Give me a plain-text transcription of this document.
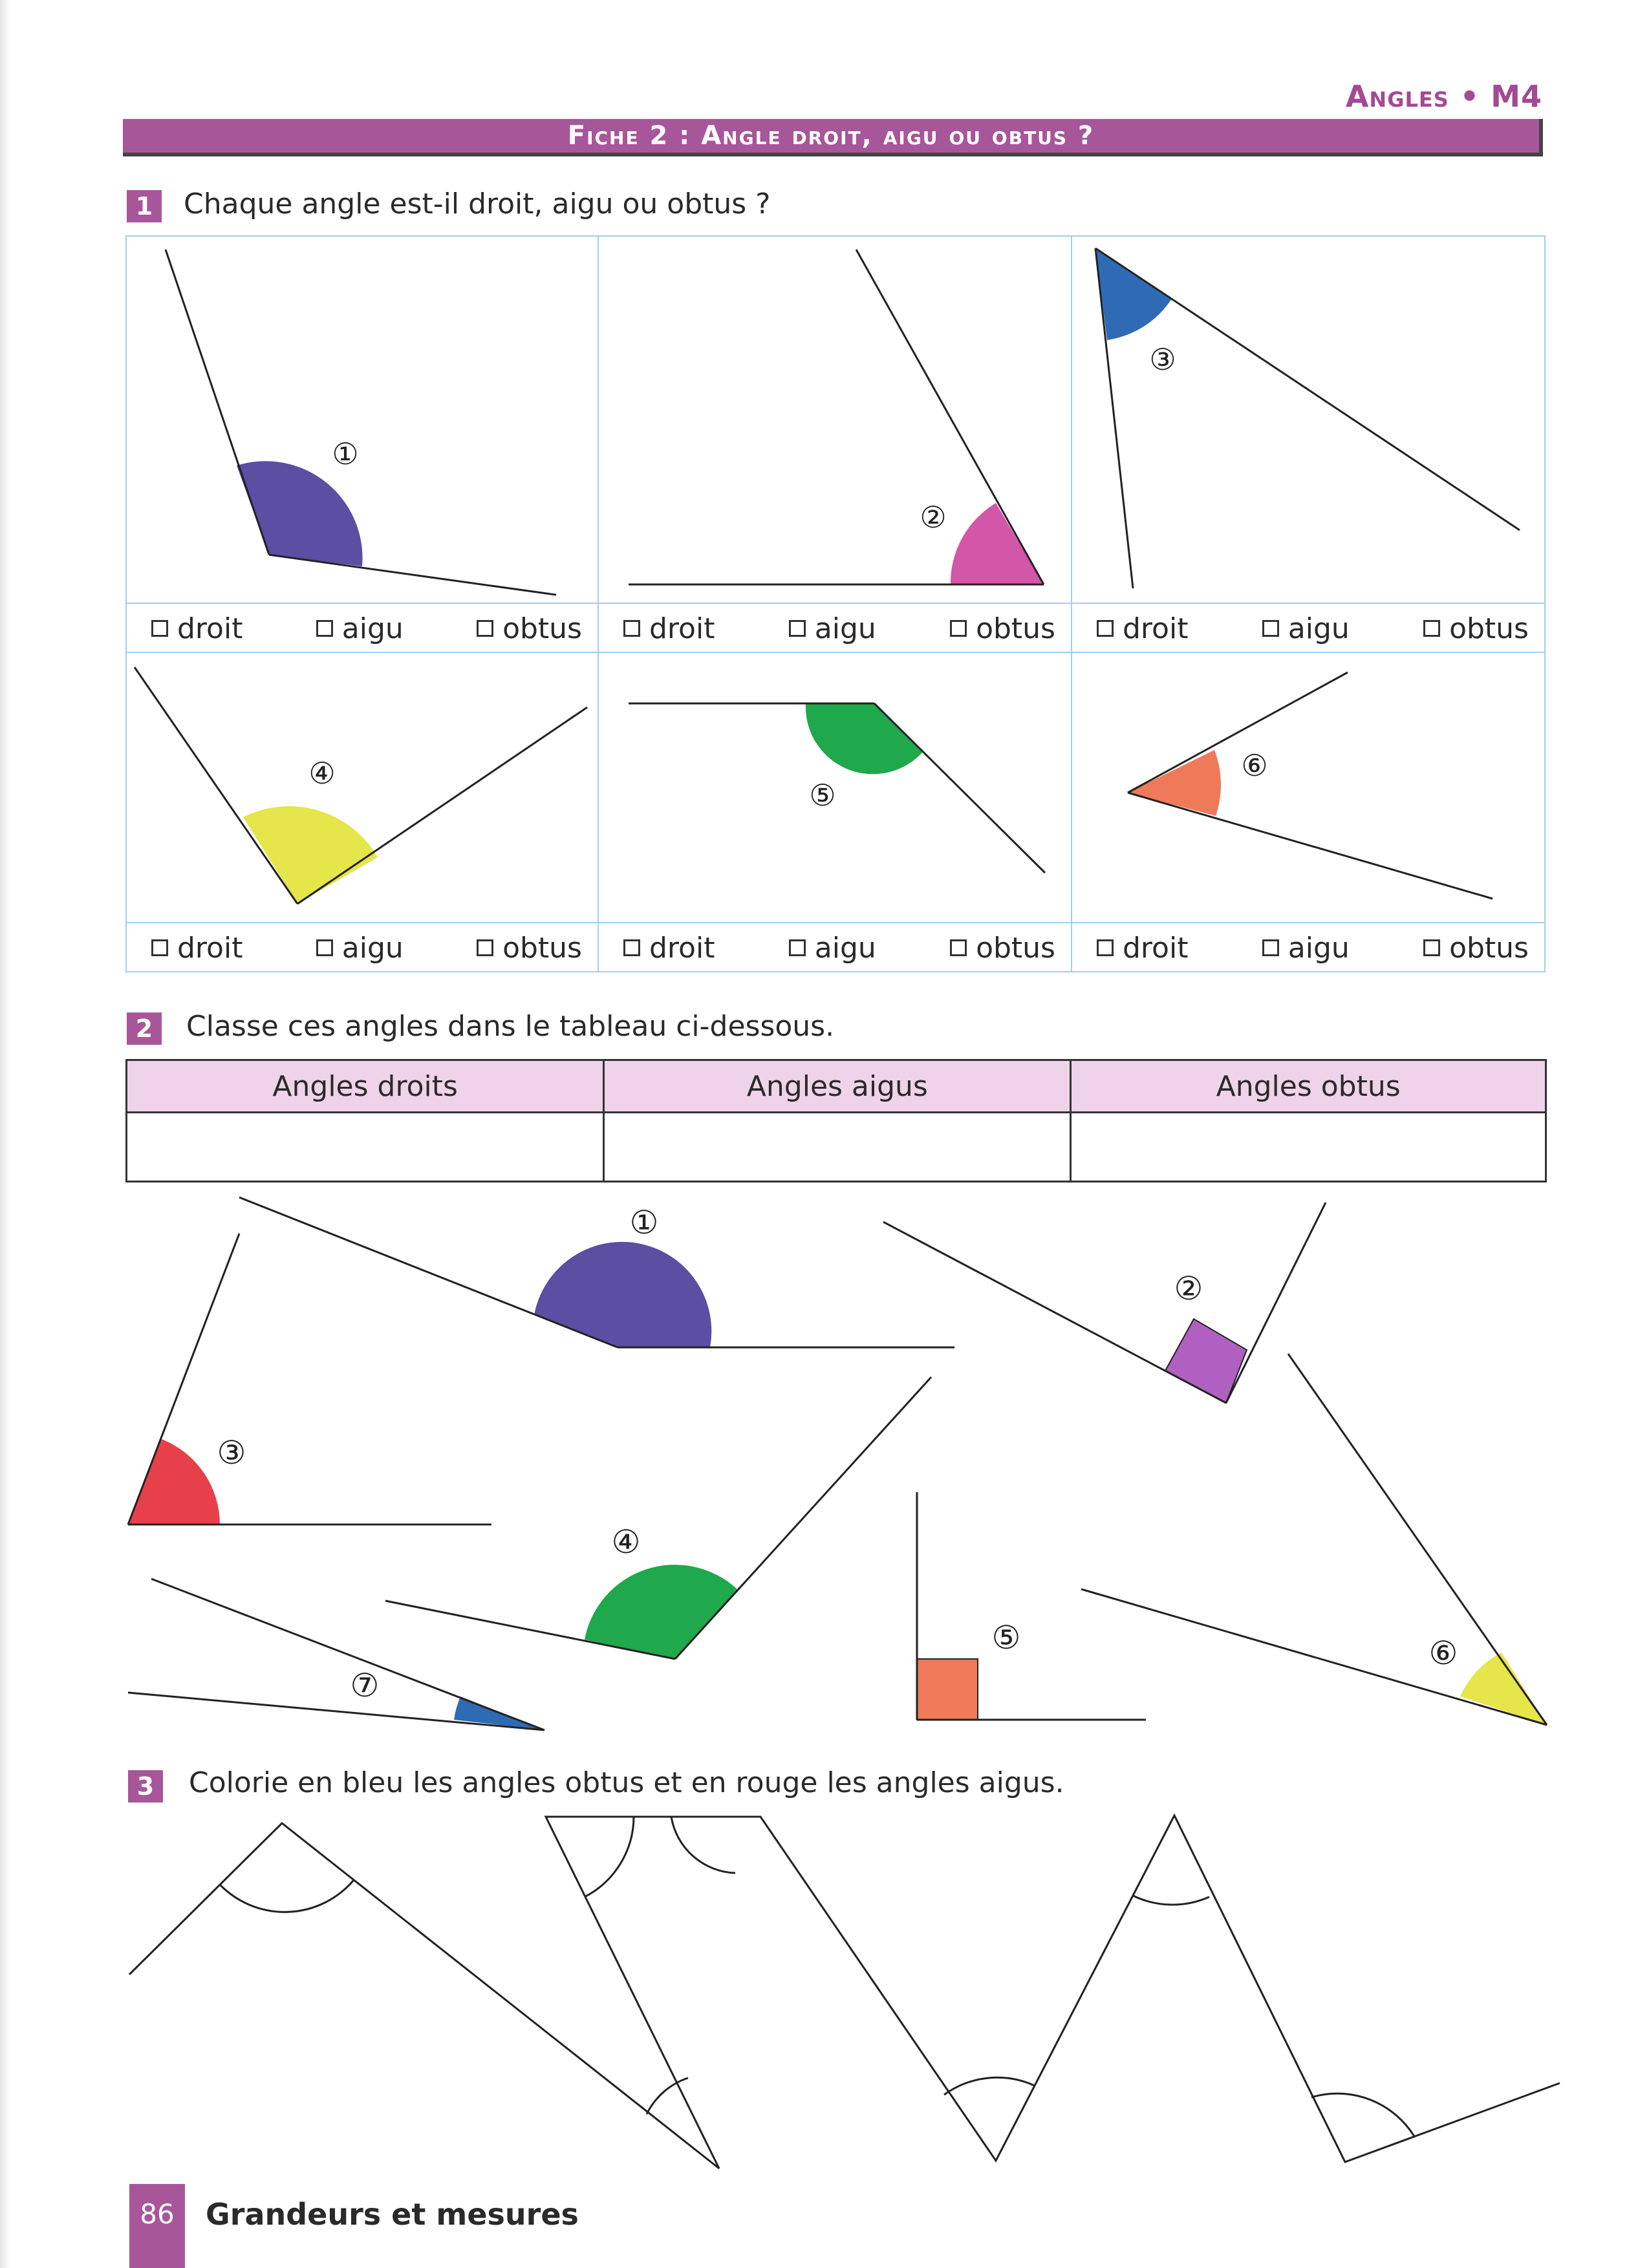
Angles • M4
Fiche 2 : Angle droit, aigu ou obtus ?
1	Chaque angle est-il droit, aigu ou obtus ?
①
②
③
④
⑤
⑥
droit	aigu	obtus droit	aigu	obtus droit	aigu	obtus
droit	aigu	obtus droit	aigu	obtus droit	aigu	obtus
2	Classe ces angles dans le tableau ci-dessous.
Angles droits	Angles aigus	Angles obtus

①
②
③
④
⑤	⑥
⑦
3	Colorie en bleu les angles obtus et en rouge les angles aigus.
86	Grandeurs et mesures
